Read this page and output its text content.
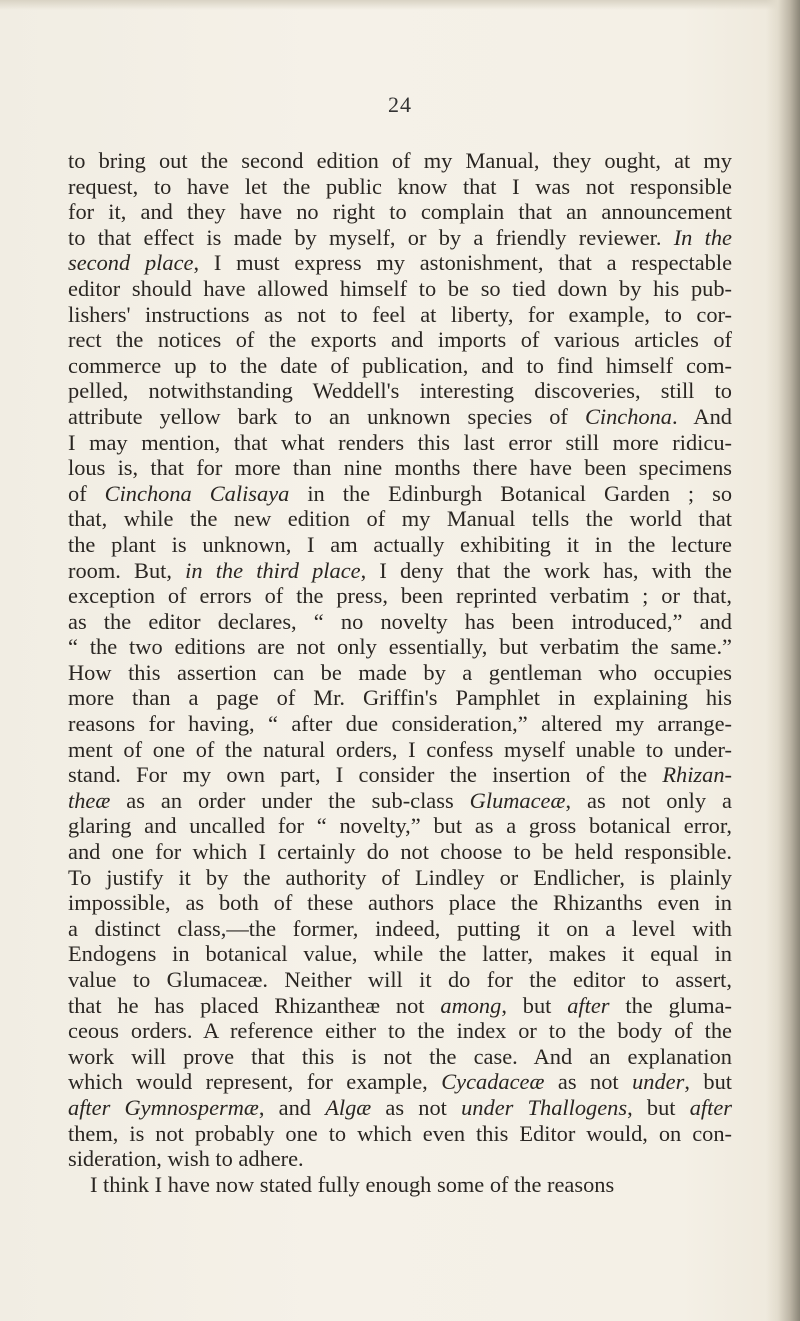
24
to bring out the second edition of my Manual, they ought, at my
request, to have let the public know that I was not responsible
for it, and they have no right to complain that an announcement
to that effect is made by myself, or by a friendly reviewer. In the
second place, I must express my astonishment, that a respectable
editor should have allowed himself to be so tied down by his pub-
lishers' instructions as not to feel at liberty, for example, to cor-
rect the notices of the exports and imports of various articles of
commerce up to the date of publication, and to find himself com-
pelled, notwithstanding Weddell's interesting discoveries, still to
attribute yellow bark to an unknown species of Cinchona. And
I may mention, that what renders this last error still more ridicu-
lous is, that for more than nine months there have been specimens
of Cinchona Calisaya in the Edinburgh Botanical Garden ; so
that, while the new edition of my Manual tells the world that
the plant is unknown, I am actually exhibiting it in the lecture
room. But, in the third place, I deny that the work has, with the
exception of errors of the press, been reprinted verbatim ; or that,
as the editor declares, “ no novelty has been introduced,” and
“ the two editions are not only essentially, but verbatim the same.”
How this assertion can be made by a gentleman who occupies
more than a page of Mr. Griffin's Pamphlet in explaining his
reasons for having, “ after due consideration,” altered my arrange-
ment of one of the natural orders, I confess myself unable to under-
stand. For my own part, I consider the insertion of the Rhizan-
theæ as an order under the sub-class Glumaceæ, as not only a
glaring and uncalled for “ novelty,” but as a gross botanical error,
and one for which I certainly do not choose to be held responsible.
To justify it by the authority of Lindley or Endlicher, is plainly
impossible, as both of these authors place the Rhizanths even in
a distinct class,—the former, indeed, putting it on a level with
Endogens in botanical value, while the latter, makes it equal in
value to Glumaceæ. Neither will it do for the editor to assert,
that he has placed Rhizantheæ not among, but after the gluma-
ceous orders. A reference either to the index or to the body of the
work will prove that this is not the case. And an explanation
which would represent, for example, Cycadaceæ as not under, but
after Gymnospermæ, and Algæ as not under Thallogens, but after
them, is not probably one to which even this Editor would, on con-
sideration, wish to adhere.
I think I have now stated fully enough some of the reasons
